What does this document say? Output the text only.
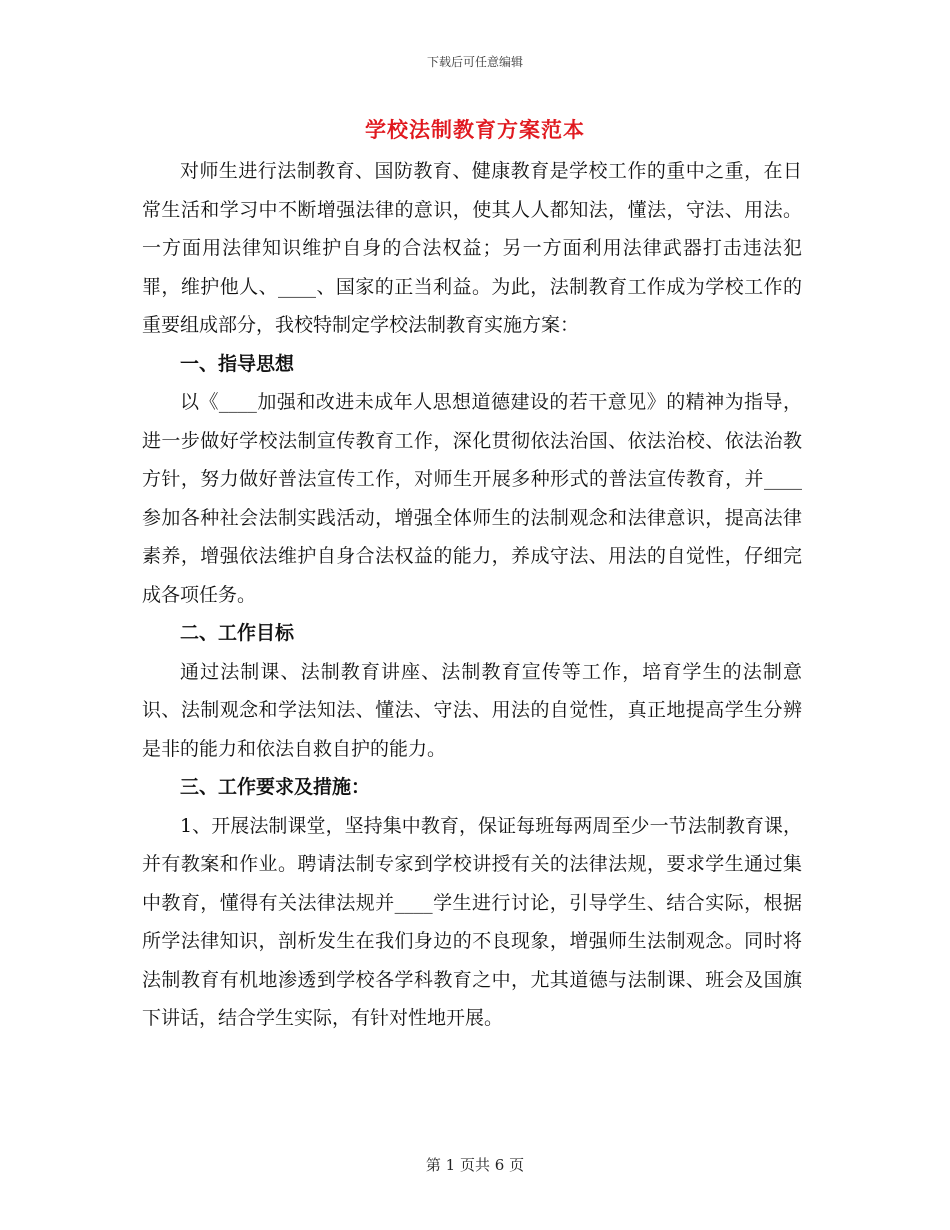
下载后可任意编辑
学校法制教育方案范本

对师生进行法制教育、国防教育、健康教育是学校工作的重中之重，在日常生活和学习中不断增强法律的意识，使其人人都知法，懂法，守法、用法。一方面用法律知识维护自身的合法权益；另一方面利用法律武器打击违法犯罪，维护他人、____、国家的正当利益。为此，法制教育工作成为学校工作的重要组成部分，我校特制定学校法制教育实施方案：

一、指导思想

以《____加强和改进未成年人思想道德建设的若干意见》的精神为指导，进一步做好学校法制宣传教育工作，深化贯彻依法治国、依法治校、依法治教方针，努力做好普法宣传工作，对师生开展多种形式的普法宣传教育，并____参加各种社会法制实践活动，增强全体师生的法制观念和法律意识，提高法律素养，增强依法维护自身合法权益的能力，养成守法、用法的自觉性，仔细完成各项任务。

二、工作目标

通过法制课、法制教育讲座、法制教育宣传等工作，培育学生的法制意识、法制观念和学法知法、懂法、守法、用法的自觉性，真正地提高学生分辨是非的能力和依法自救自护的能力。

三、工作要求及措施：

1、开展法制课堂，坚持集中教育，保证每班每两周至少一节法制教育课，并有教案和作业。聘请法制专家到学校讲授有关的法律法规，要求学生通过集中教育，懂得有关法律法规并____学生进行讨论，引导学生、结合实际，根据所学法律知识，剖析发生在我们身边的不良现象，增强师生法制观念。同时将法制教育有机地渗透到学校各学科教育之中，尤其道德与法制课、班会及国旗下讲话，结合学生实际，有针对性地开展。

第 1 页共 6 页
